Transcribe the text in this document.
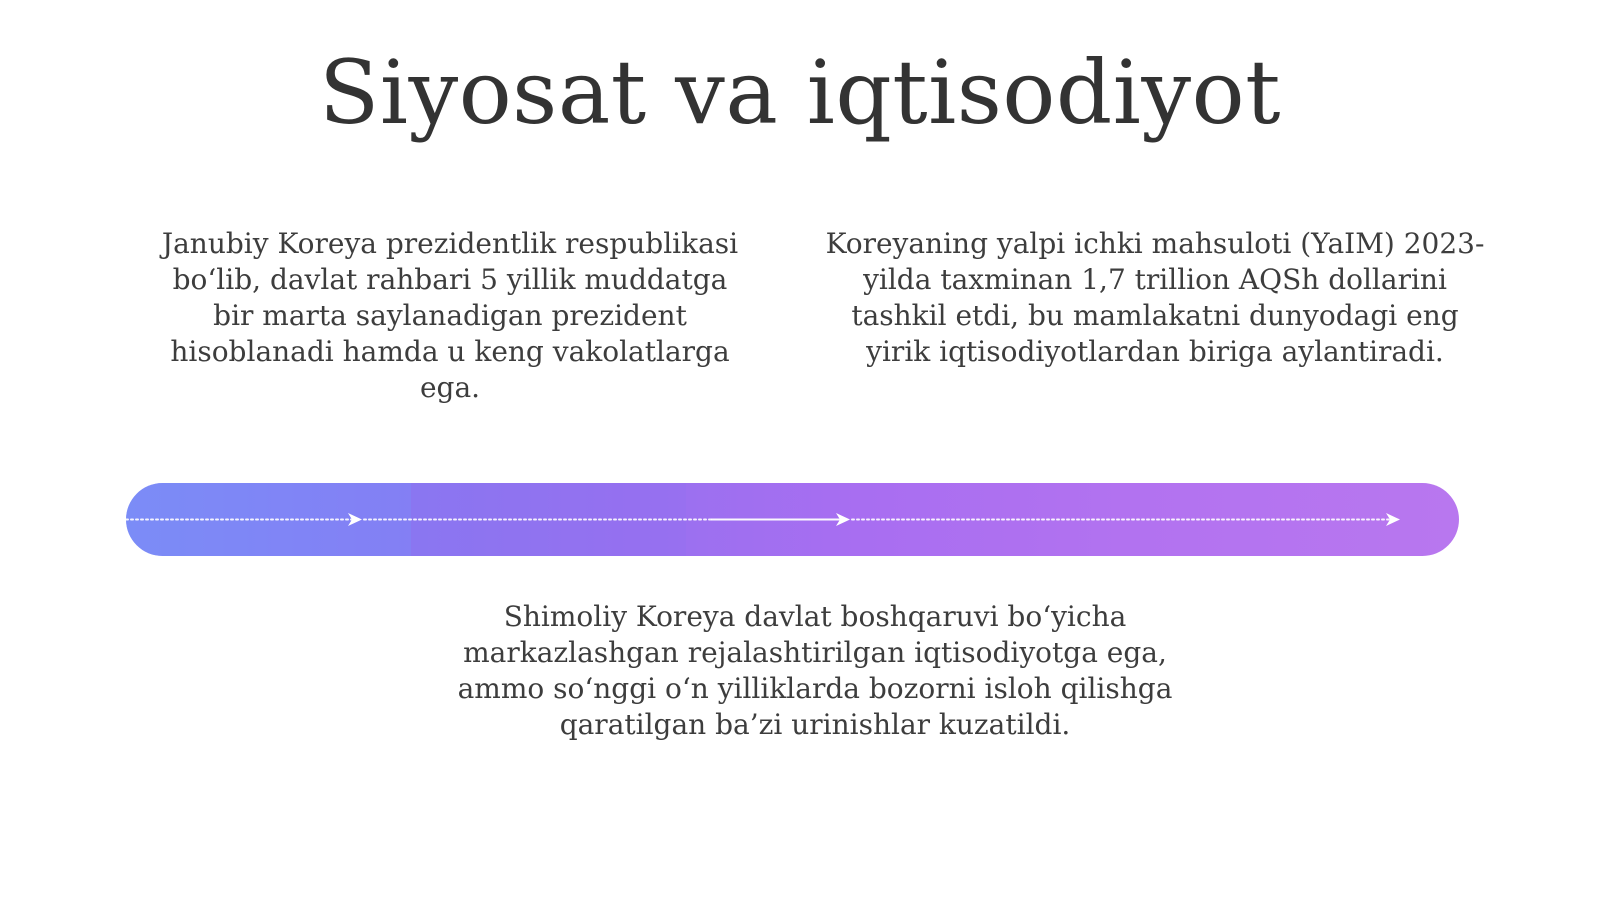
Siyosat va iqtisodiyot

Janubiy Koreya prezidentlik respublikasi bo‘lib, davlat rahbari 5 yillik muddatga bir marta saylanadigan prezident hisoblanadi hamda u keng vakolatlarga ega.

Koreyaning yalpi ichki mahsuloti (YaIM) 2023-yilda taxminan 1,7 trillion AQSh dollarini tashkil etdi, bu mamlakatni dunyodagi eng yirik iqtisodiyotlardan biriga aylantiradi.

Shimoliy Koreya davlat boshqaruvi bo‘yicha markazlashgan rejalashtirilgan iqtisodiyotga ega, ammo so‘nggi o‘n yilliklarda bozorni isloh qilishga qaratilgan ba’zi urinishlar kuzatildi.
